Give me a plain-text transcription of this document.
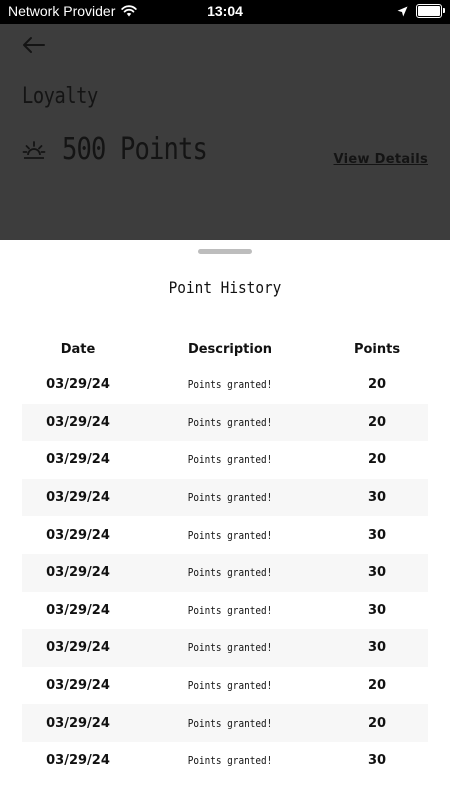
Network Provider	13:04
Loyalty
500 Points	View Details
Point History
Date	Description	Points
03/29/24	Points granted!	20
03/29/24	Points granted!	20
03/29/24	Points granted!	20
03/29/24	Points granted!	30
03/29/24	Points granted!	30
03/29/24	Points granted!	30
03/29/24	Points granted!	30
03/29/24	Points granted!	30
03/29/24	Points granted!	20
03/29/24	Points granted!	20
03/29/24	Points granted!	30
